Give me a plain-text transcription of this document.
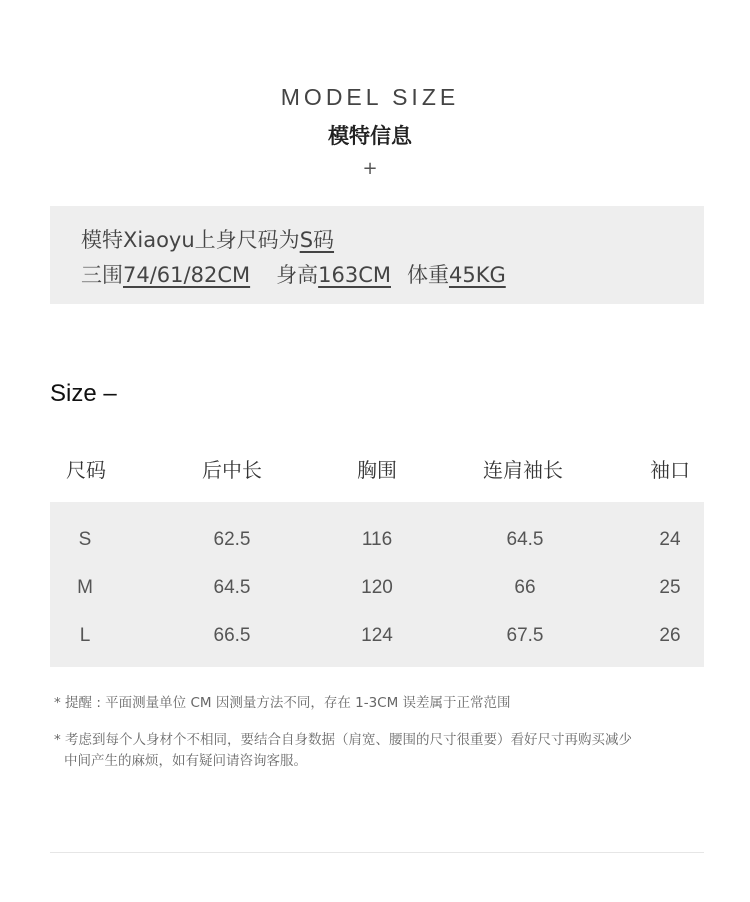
MODEL SIZE
模特信息
+
模特Xiaoyu上身尺码为S码
三围74/61/82CM 身高163CM 体重45KG
Size –
尺码	后中长	胸围	连肩袖长	袖口
S	62.5	116	64.5	24
M	64.5	120	66	25
L	66.5	124	67.5	26
* 提醒 : 平面测量单位 CM 因测量方法不同，存在 1-3CM 误差属于正常范围
* 考虑到每个人身材个不相同，要结合自身数据（肩宽、腰围的尺寸很重要）看好尺寸再购买减少
中间产生的麻烦，如有疑问请咨询客服。
